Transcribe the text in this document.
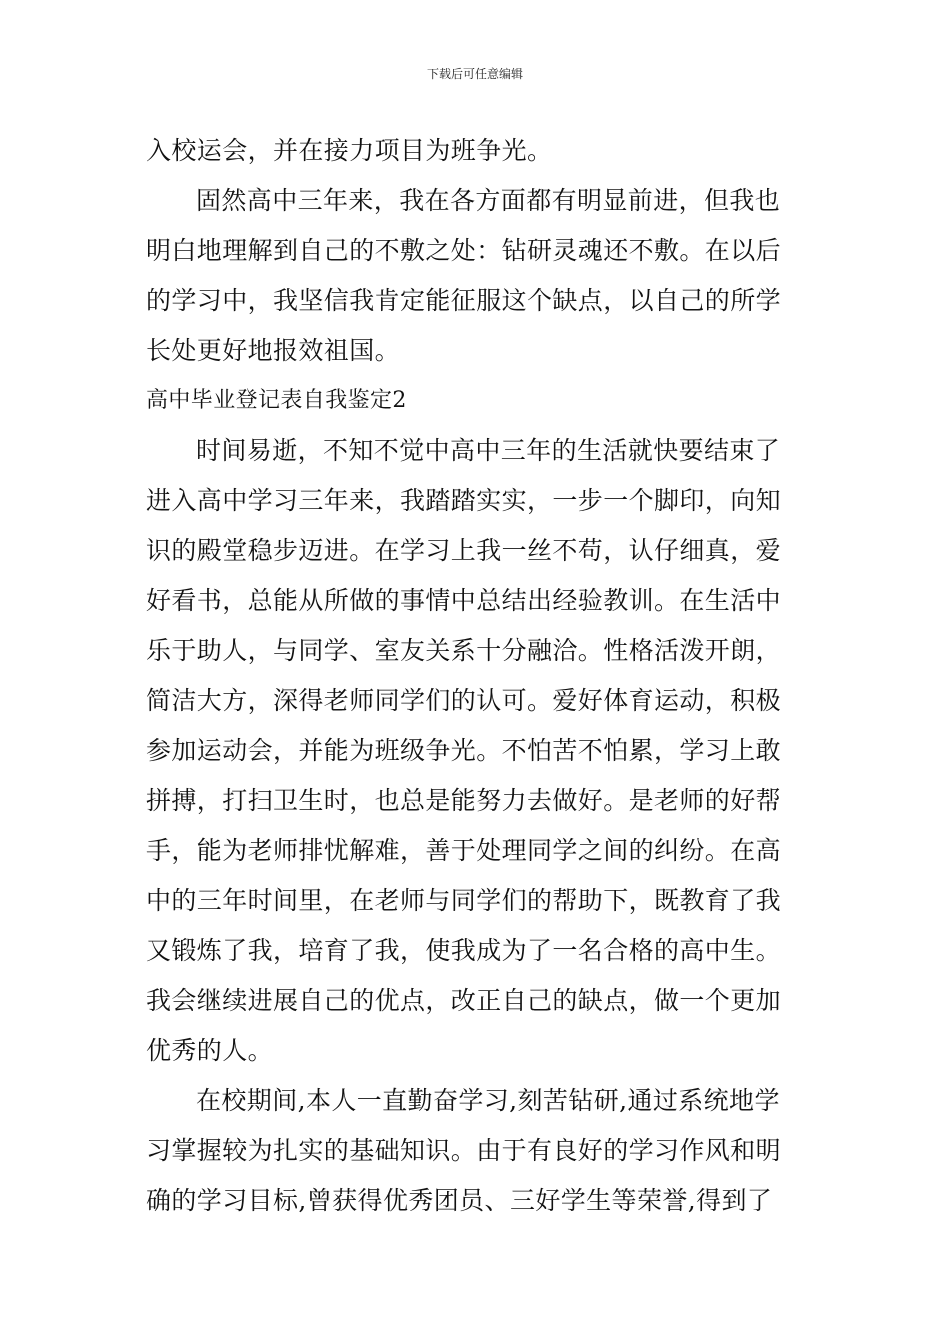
下载后可任意编辑
入校运会，并在接力项目为班争光。
固然高中三年来，我在各方面都有明显前进，但我也
明白地理解到自己的不敷之处：钻研灵魂还不敷。在以后
的学习中，我坚信我肯定能征服这个缺点，以自己的所学
长处更好地报效祖国。
高中毕业登记表自我鉴定2
时间易逝，不知不觉中高中三年的生活就快要结束了
进入高中学习三年来，我踏踏实实，一步一个脚印，向知
识的殿堂稳步迈进。在学习上我一丝不苟，认仔细真，爱
好看书，总能从所做的事情中总结出经验教训。在生活中
乐于助人，与同学、室友关系十分融洽。性格活泼开朗，
简洁大方，深得老师同学们的认可。爱好体育运动，积极
参加运动会，并能为班级争光。不怕苦不怕累，学习上敢
拼搏，打扫卫生时，也总是能努力去做好。是老师的好帮
手，能为老师排忧解难，善于处理同学之间的纠纷。在高
中的三年时间里，在老师与同学们的帮助下，既教育了我
又锻炼了我，培育了我，使我成为了一名合格的高中生。
我会继续进展自己的优点，改正自己的缺点，做一个更加
优秀的人。
在校期间,本人一直勤奋学习,刻苦钻研,通过系统地学
习掌握较为扎实的基础知识。由于有良好的学习作风和明
确的学习目标,曾获得优秀团员、三好学生等荣誉,得到了
